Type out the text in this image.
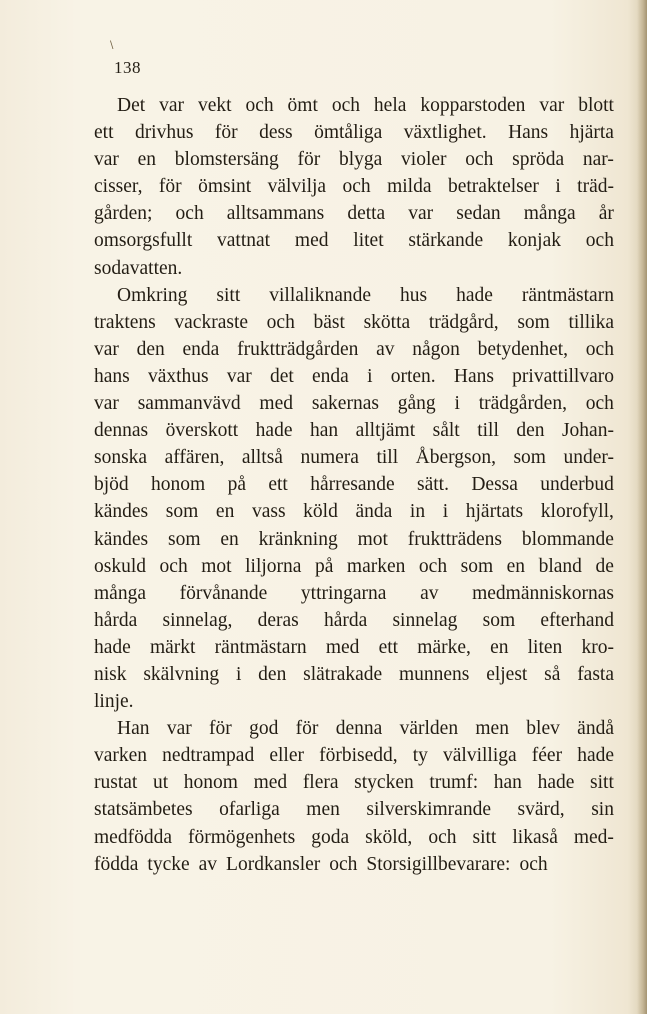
\
138
Det var vekt och ömt och hela kopparstoden var blott
ett drivhus för dess ömtåliga växtlighet. Hans hjärta
var en blomstersäng för blyga violer och spröda nar-
cisser, för ömsint välvilja och milda betraktelser i träd-
gården; och alltsammans detta var sedan många år
omsorgsfullt vattnat med litet stärkande konjak och
sodavatten.
Omkring sitt villaliknande hus hade räntmästarn
traktens vackraste och bäst skötta trädgård, som tillika
var den enda fruktträdgården av någon betydenhet, och
hans växthus var det enda i orten. Hans privattillvaro
var sammanvävd med sakernas gång i trädgården, och
dennas överskott hade han alltjämt sålt till den Johan-
sonska affären, alltså numera till Åbergson, som under-
bjöd honom på ett hårresande sätt. Dessa underbud
kändes som en vass köld ända in i hjärtats klorofyll,
kändes som en kränkning mot fruktträdens blommande
oskuld och mot liljorna på marken och som en bland de
många förvånande yttringarna av medmänniskornas
hårda sinnelag, deras hårda sinnelag som efterhand
hade märkt räntmästarn med ett märke, en liten kro-
nisk skälvning i den slätrakade munnens eljest så fasta
linje.
Han var för god för denna världen men blev ändå
varken nedtrampad eller förbisedd, ty välvilliga féer hade
rustat ut honom med flera stycken trumf: han hade sitt
statsämbetes ofarliga men silverskimrande svärd, sin
medfödda förmögenhets goda sköld, och sitt likaså med-
födda tycke av Lordkansler och Storsigillbevarare: och
